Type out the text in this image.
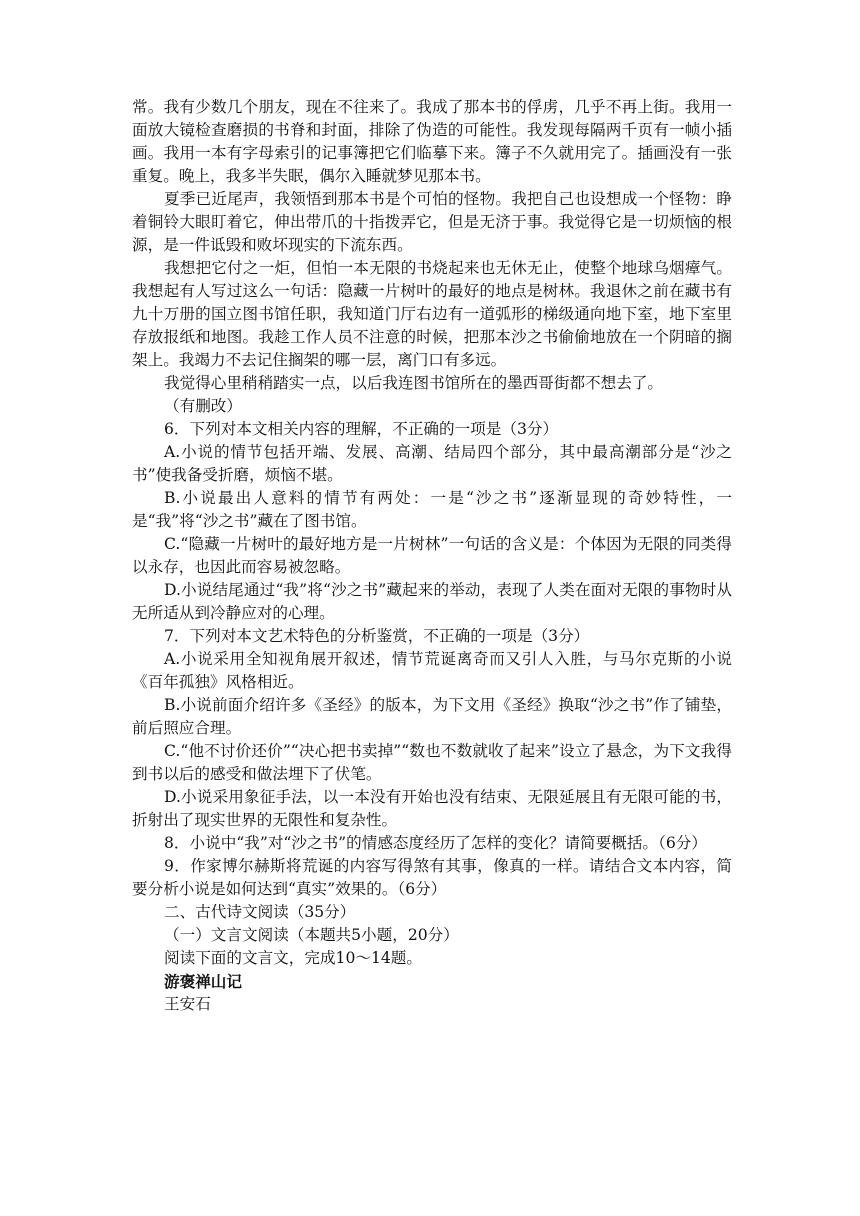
常。我有少数几个朋友，现在不往来了。我成了那本书的俘虏，几乎不再上街。我用一面放大镜检查磨损的书脊和封面，排除了伪造的可能性。我发现每隔两千页有一帧小插画。我用一本有字母索引的记事簿把它们临摹下来。簿子不久就用完了。插画没有一张重复。晚上，我多半失眠，偶尔入睡就梦见那本书。

夏季已近尾声，我领悟到那本书是个可怕的怪物。我把自己也设想成一个怪物：睁着铜铃大眼盯着它，伸出带爪的十指拨弄它，但是无济于事。我觉得它是一切烦恼的根源，是一件诋毁和败坏现实的下流东西。

我想把它付之一炬，但怕一本无限的书烧起来也无休无止，使整个地球乌烟瘴气。我想起有人写过这么一句话：隐藏一片树叶的最好的地点是树林。我退休之前在藏书有九十万册的国立图书馆任职，我知道门厅右边有一道弧形的梯级通向地下室，地下室里存放报纸和地图。我趁工作人员不注意的时候，把那本沙之书偷偷地放在一个阴暗的搁架上。我竭力不去记住搁架的哪一层，离门口有多远。

我觉得心里稍稍踏实一点，以后我连图书馆所在的墨西哥街都不想去了。

（有删改）

6．下列对本文相关内容的理解，不正确的一项是（3分）

A.小说的情节包括开端、发展、高潮、结局四个部分，其中最高潮部分是“沙之书”使我备受折磨，烦恼不堪。

B.小说最出人意料的情节有两处：一是“沙之书”逐渐显现的奇妙特性，一是“我”将“沙之书”藏在了图书馆。

C.“隐藏一片树叶的最好地方是一片树林”一句话的含义是：个体因为无限的同类得以永存，也因此而容易被忽略。

D.小说结尾通过“我”将“沙之书”藏起来的举动，表现了人类在面对无限的事物时从无所适从到冷静应对的心理。

7．下列对本文艺术特色的分析鉴赏，不正确的一项是（3分）

A.小说采用全知视角展开叙述，情节荒诞离奇而又引人入胜，与马尔克斯的小说《百年孤独》风格相近。

B.小说前面介绍许多《圣经》的版本，为下文用《圣经》换取“沙之书”作了铺垫，前后照应合理。

C.“他不讨价还价”“决心把书卖掉”“数也不数就收了起来”设立了悬念，为下文我得到书以后的感受和做法埋下了伏笔。

D.小说采用象征手法，以一本没有开始也没有结束、无限延展且有无限可能的书，折射出了现实世界的无限性和复杂性。

8．小说中“我”对“沙之书”的情感态度经历了怎样的变化？请简要概括。（6分）

9．作家博尔赫斯将荒诞的内容写得煞有其事，像真的一样。请结合文本内容，简要分析小说是如何达到“真实”效果的。（6分）

二、古代诗文阅读（35分）

（一）文言文阅读（本题共5小题，20分）

阅读下面的文言文，完成10～14题。

游褒禅山记

王安石
